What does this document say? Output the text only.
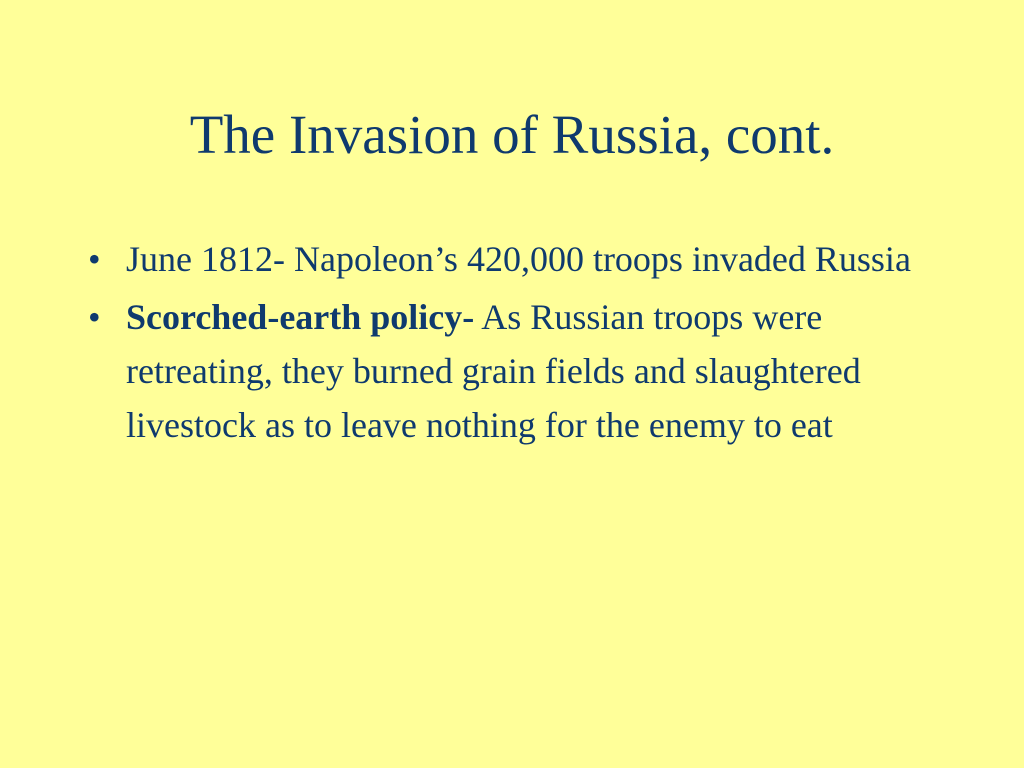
The Invasion of Russia, cont.
• June 1812- Napoleon’s 420,000 troops invaded Russia
• Scorched-earth policy- As Russian troops were retreating, they burned grain fields and slaughtered livestock as to leave nothing for the enemy to eat
